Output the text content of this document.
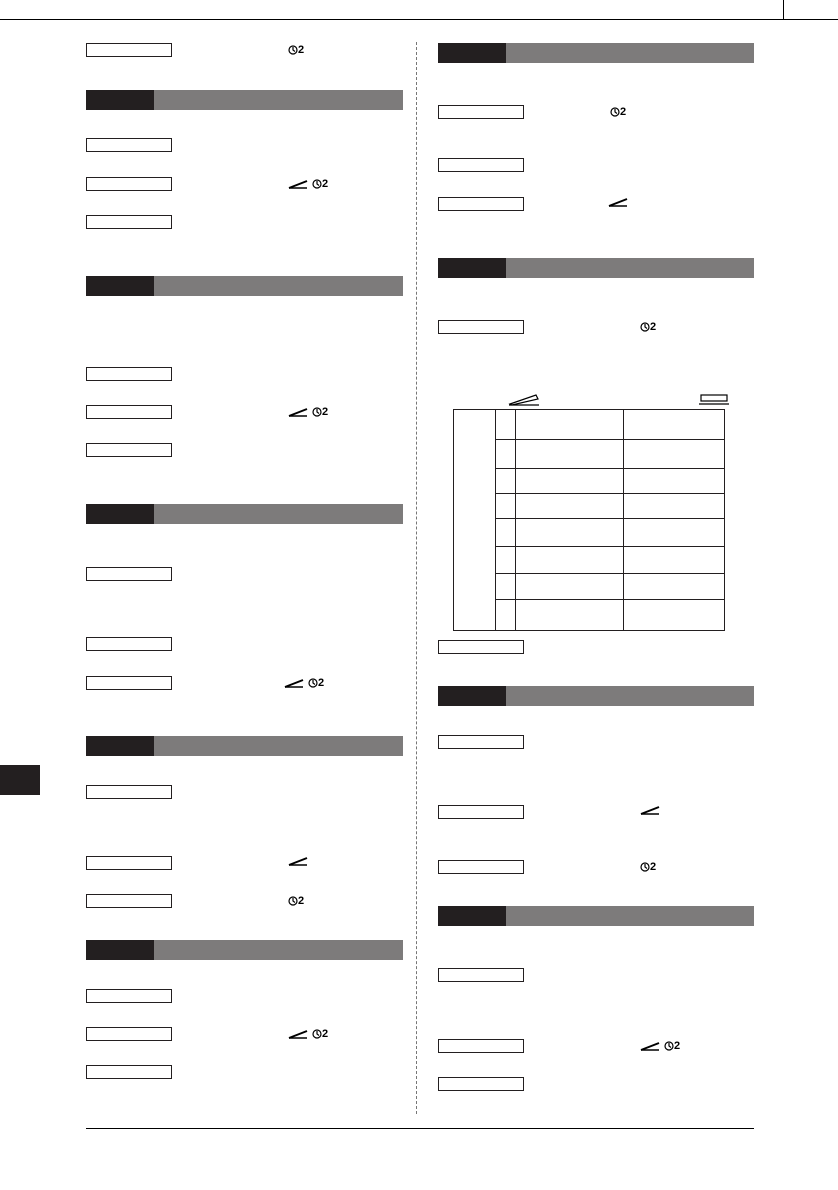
2
2
2
2
2
2
2
2
2
2
